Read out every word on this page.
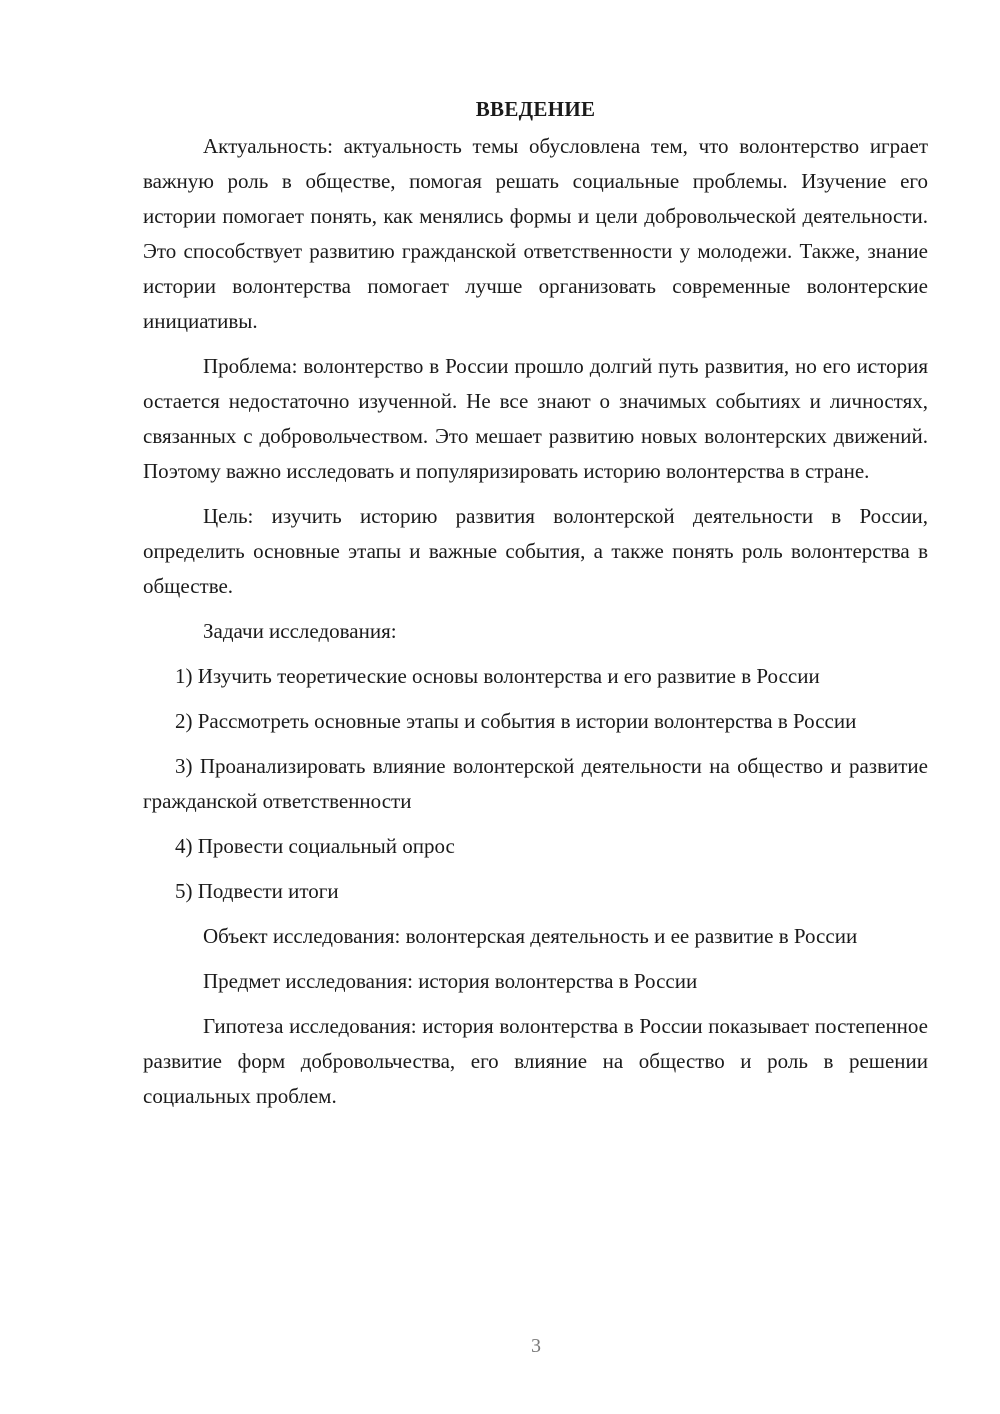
ВВЕДЕНИЕ

Актуальность: актуальность темы обусловлена тем, что волонтерство играет важную роль в обществе, помогая решать социальные проблемы. Изучение его истории помогает понять, как менялись формы и цели добровольческой деятельности. Это способствует развитию гражданской ответственности у молодежи. Также, знание истории волонтерства помогает лучше организовать современные волонтерские инициативы.

Проблема: волонтерство в России прошло долгий путь развития, но его история остается недостаточно изученной. Не все знают о значимых событиях и личностях, связанных с добровольчеством. Это мешает развитию новых волонтерских движений. Поэтому важно исследовать и популяризировать историю волонтерства в стране.

Цель: изучить историю развития волонтерской деятельности в России, определить основные этапы и важные события, а также понять роль волонтерства в обществе.

Задачи исследования:

1) Изучить теоретические основы волонтерства и его развитие в России

2) Рассмотреть основные этапы и события в истории волонтерства в России

3) Проанализировать влияние волонтерской деятельности на общество и развитие гражданской ответственности

4) Провести социальный опрос

5) Подвести итоги

Объект исследования: волонтерская деятельность и ее развитие в России

Предмет исследования: история волонтерства в России

Гипотеза исследования: история волонтерства в России показывает постепенное развитие форм добровольчества, его влияние на общество и роль в решении социальных проблем.

3
